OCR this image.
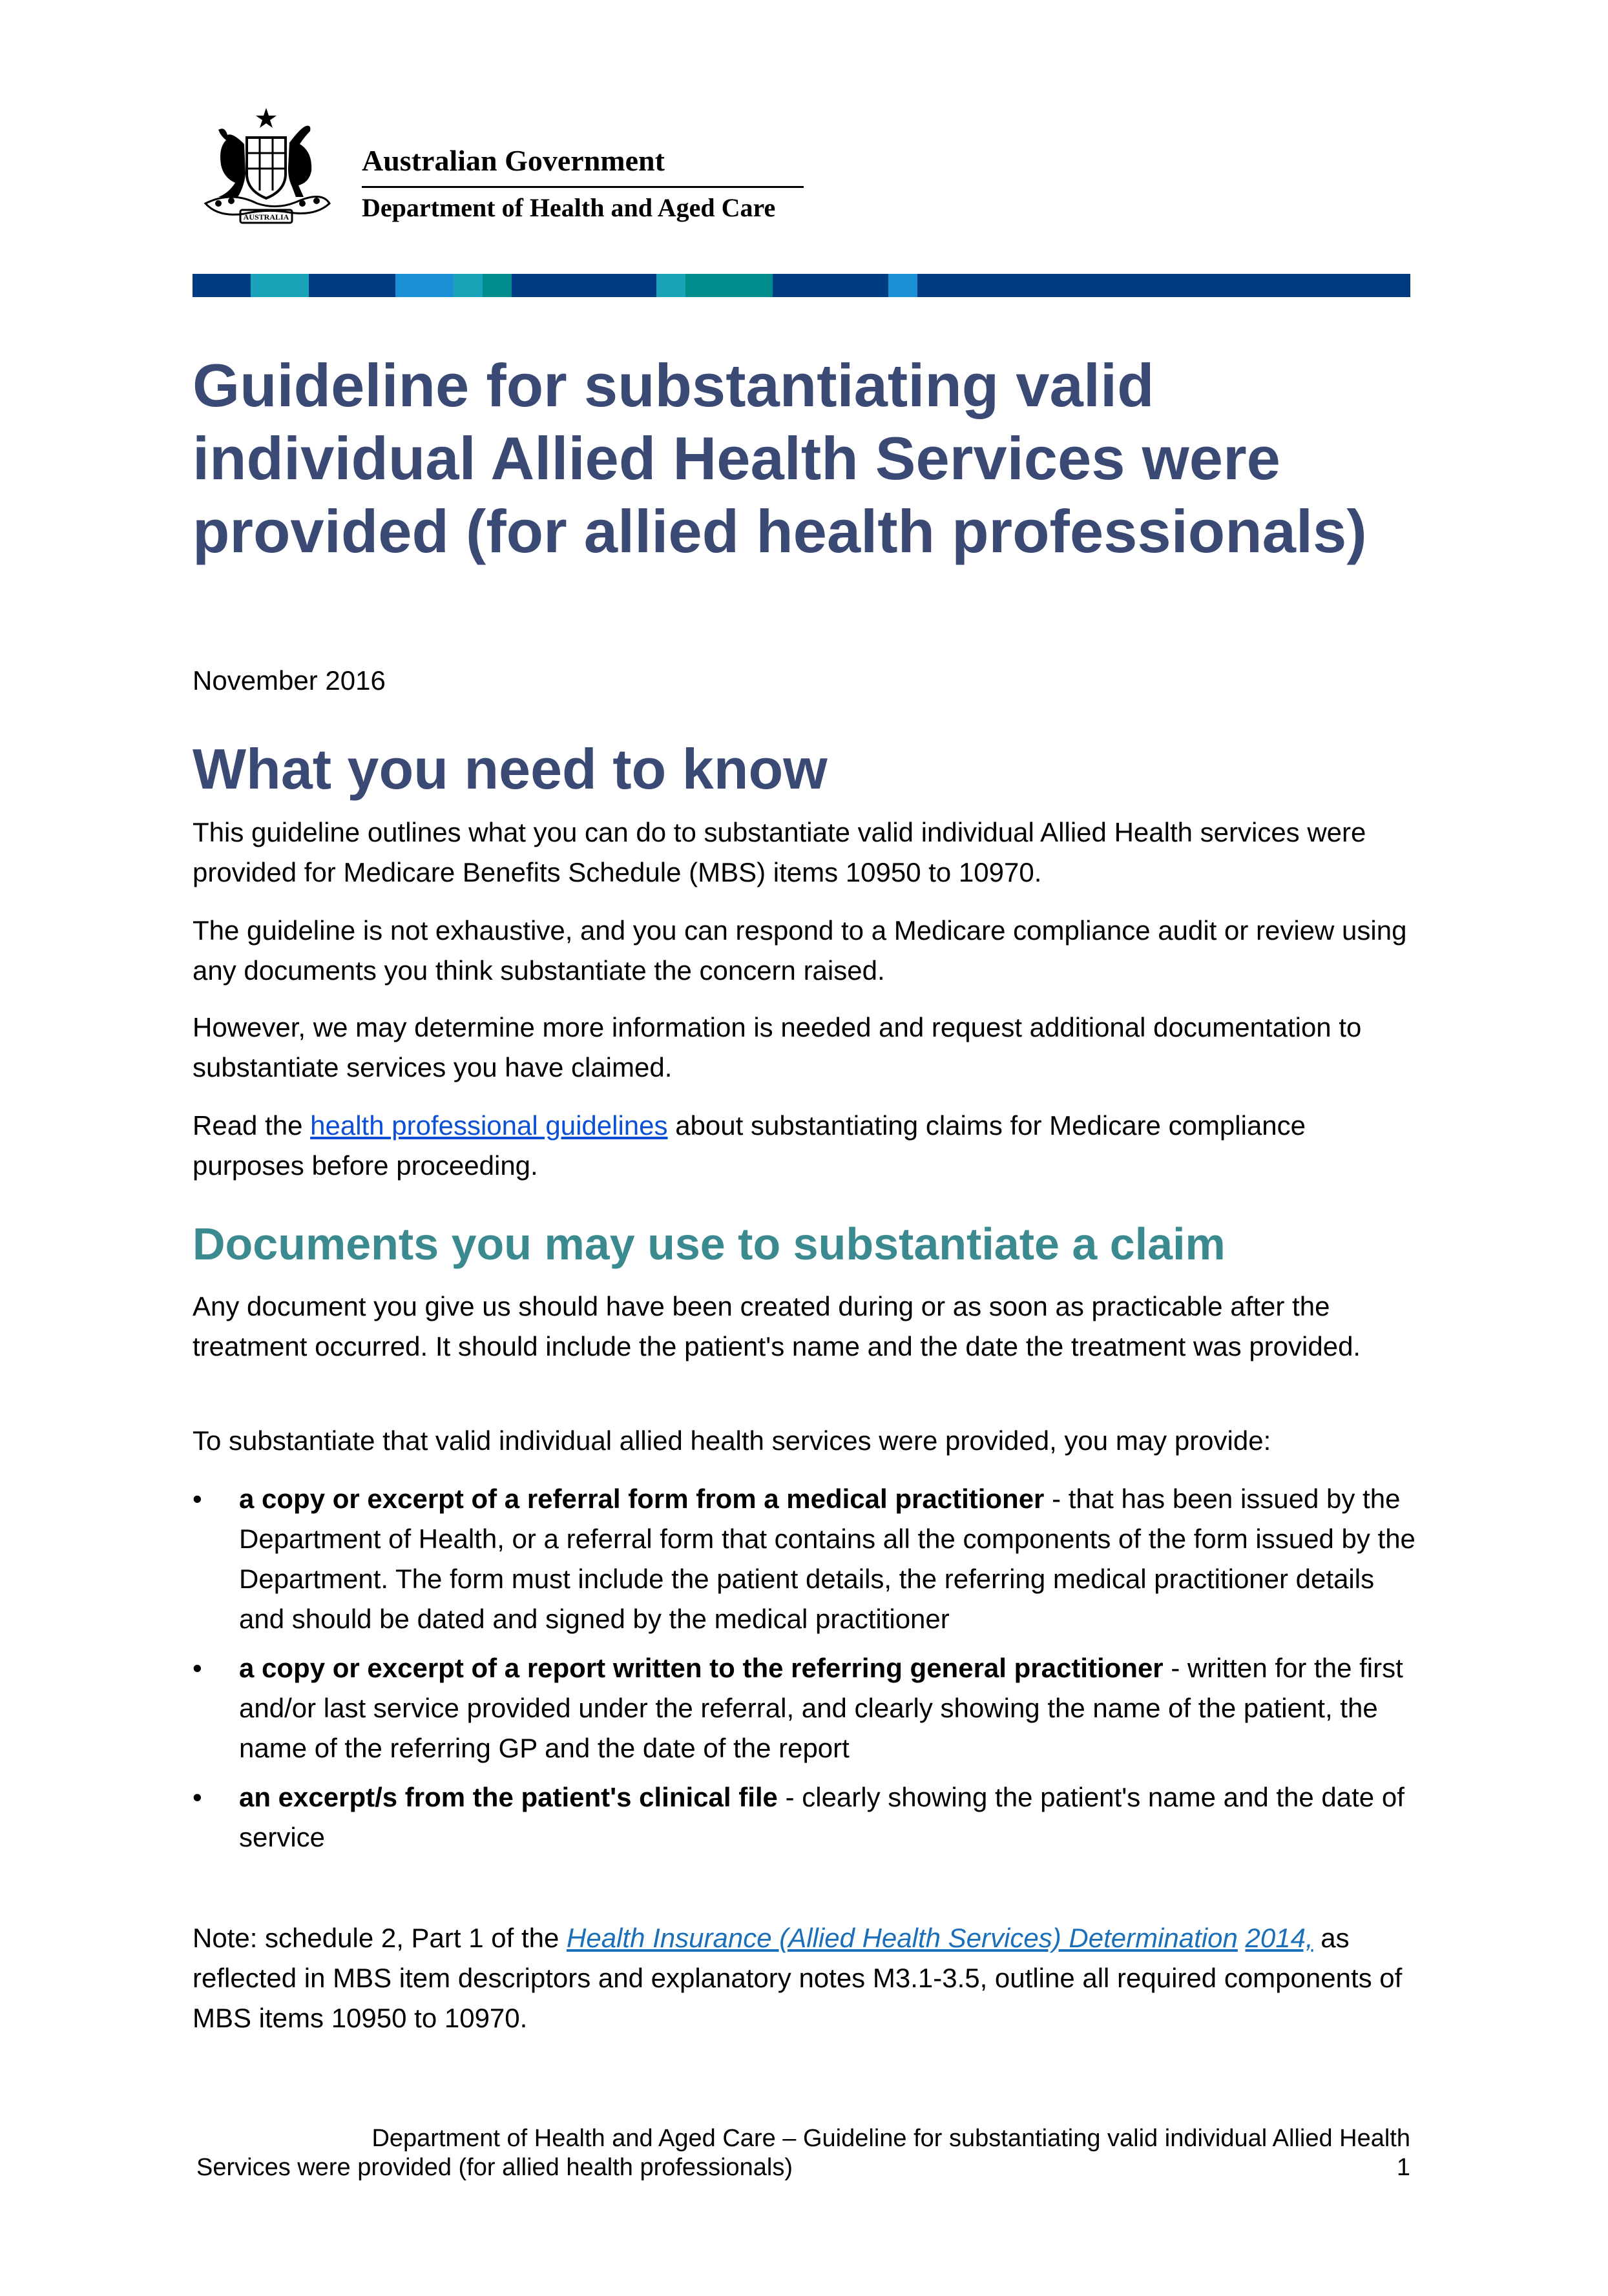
AUSTRALIA
Australian Government
Department of Health and Aged Care
Guideline for substantiating valid individual Allied Health Services were provided (for allied health professionals)
November 2016
What you need to know

This guideline outlines what you can do to substantiate valid individual Allied Health services were provided for Medicare Benefits Schedule (MBS) items 10950 to 10970.

The guideline is not exhaustive, and you can respond to a Medicare compliance audit or review using any documents you think substantiate the concern raised.

However, we may determine more information is needed and request additional documentation to substantiate services you have claimed.

Read the health professional guidelines about substantiating claims for Medicare compliance purposes before proceeding.

Documents you may use to substantiate a claim

Any document you give us should have been created during or as soon as practicable after the treatment occurred. It should include the patient's name and the date the treatment was provided.

To substantiate that valid individual allied health services were provided, you may provide:

•	a copy or excerpt of a referral form from a medical practitioner - that has been issued by the Department of Health, or a referral form that contains all the components of the form issued by the Department. The form must include the patient details, the referring medical practitioner details and should be dated and signed by the medical practitioner
•	a copy or excerpt of a report written to the referring general practitioner - written for the first and/or last service provided under the referral, and clearly showing the name of the patient, the name of the referring GP and the date of the report
•	an excerpt/s from the patient's clinical file - clearly showing the patient's name and the date of service

Note: schedule 2, Part 1 of the Health Insurance (Allied Health Services) Determination 2014, as reflected in MBS item descriptors and explanatory notes M3.1-3.5, outline all required components of MBS items 10950 to 10970.

Department of Health and Aged Care – Guideline for substantiating valid individual Allied Health
Services were provided (for allied health professionals)	1
